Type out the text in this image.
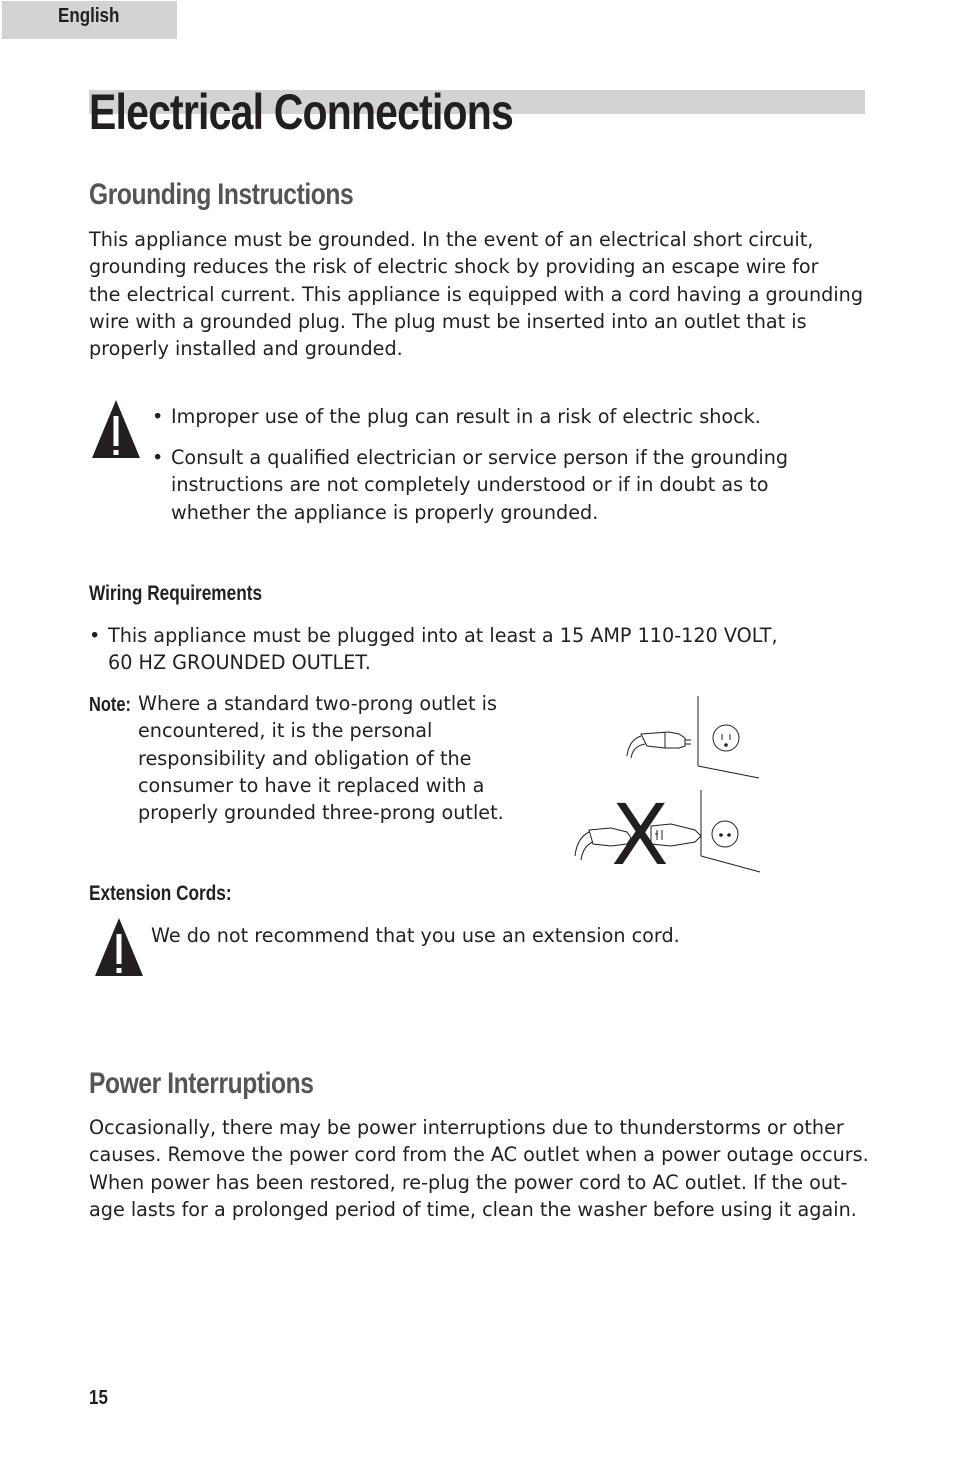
English
Electrical Connections
Grounding Instructions
This appliance must be grounded. In the event of an electrical short circuit,
grounding reduces the risk of electric shock by providing an escape wire for
the electrical current. This appliance is equipped with a cord having a grounding
wire with a grounded plug. The plug must be inserted into an outlet that is
properly installed and grounded.
• Improper use of the plug can result in a risk of electric shock.
• Consult a qualified electrician or service person if the grounding
instructions are not completely understood or if in doubt as to
whether the appliance is properly grounded.
Wiring Requirements
• This appliance must be plugged into at least a 15 AMP 110-120 VOLT,
60 HZ GROUNDED OUTLET.
Note: Where a standard two-prong outlet is
encountered, it is the personal
responsibility and obligation of the
consumer to have it replaced with a
properly grounded three-prong outlet. X
Extension Cords:
We do not recommend that you use an extension cord.
Power Interruptions
Occasionally, there may be power interruptions due to thunderstorms or other
causes. Remove the power cord from the AC outlet when a power outage occurs.
When power has been restored, re-plug the power cord to AC outlet. If the out-
age lasts for a prolonged period of time, clean the washer before using it again.
15
